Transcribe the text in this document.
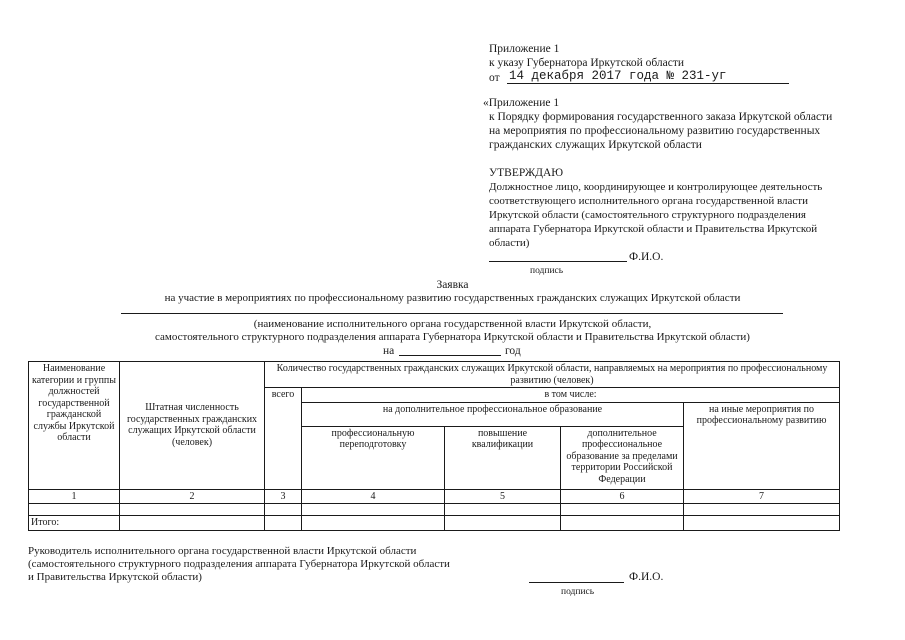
Приложение 1
к указу Губернатора Иркутской области
от 14 декабря 2017 года № 231-уг
«Приложение 1
к Порядку формирования государственного заказа Иркутской области
на мероприятия по профессиональному развитию государственных
гражданских служащих Иркутской области
УТВЕРЖДАЮ
Должностное лицо, координирующее и контролирующее деятельность
соответствующего исполнительного органа государственной власти
Иркутской области (самостоятельного структурного подразделения
аппарата Губернатора Иркутской области и Правительства Иркутской
области)
Ф.И.О.
подпись
Заявка
на участие в мероприятиях по профессиональному развитию государственных гражданских служащих Иркутской области
(наименование исполнительного органа государственной власти Иркутской области,
самостоятельного структурного подразделения аппарата Губернатора Иркутской области и Правительства Иркутской области)
на	год
Наименование категории и группы должностей государственной гражданской службы Иркутской области	Штатная численность государственных гражданских служащих Иркутской области (человек)	Количество государственных гражданских служащих Иркутской области, направляемых на мероприятия по профессиональному развитию (человек)				
		всего	в том числе:			
			на дополнительное профессиональное образование			на иные мероприятия по профессиональному развитию
			профессиональную переподготовку	повышение квалификации	дополнительное профессиональное образование за пределами территории Российской Федерации	
1	2	3	4	5	6	7

Итого:						
Руководитель исполнительного органа государственной власти Иркутской области
(самостоятельного структурного подразделения аппарата Губернатора Иркутской области
и Правительства Иркутской области)	Ф.И.О.
подпись
